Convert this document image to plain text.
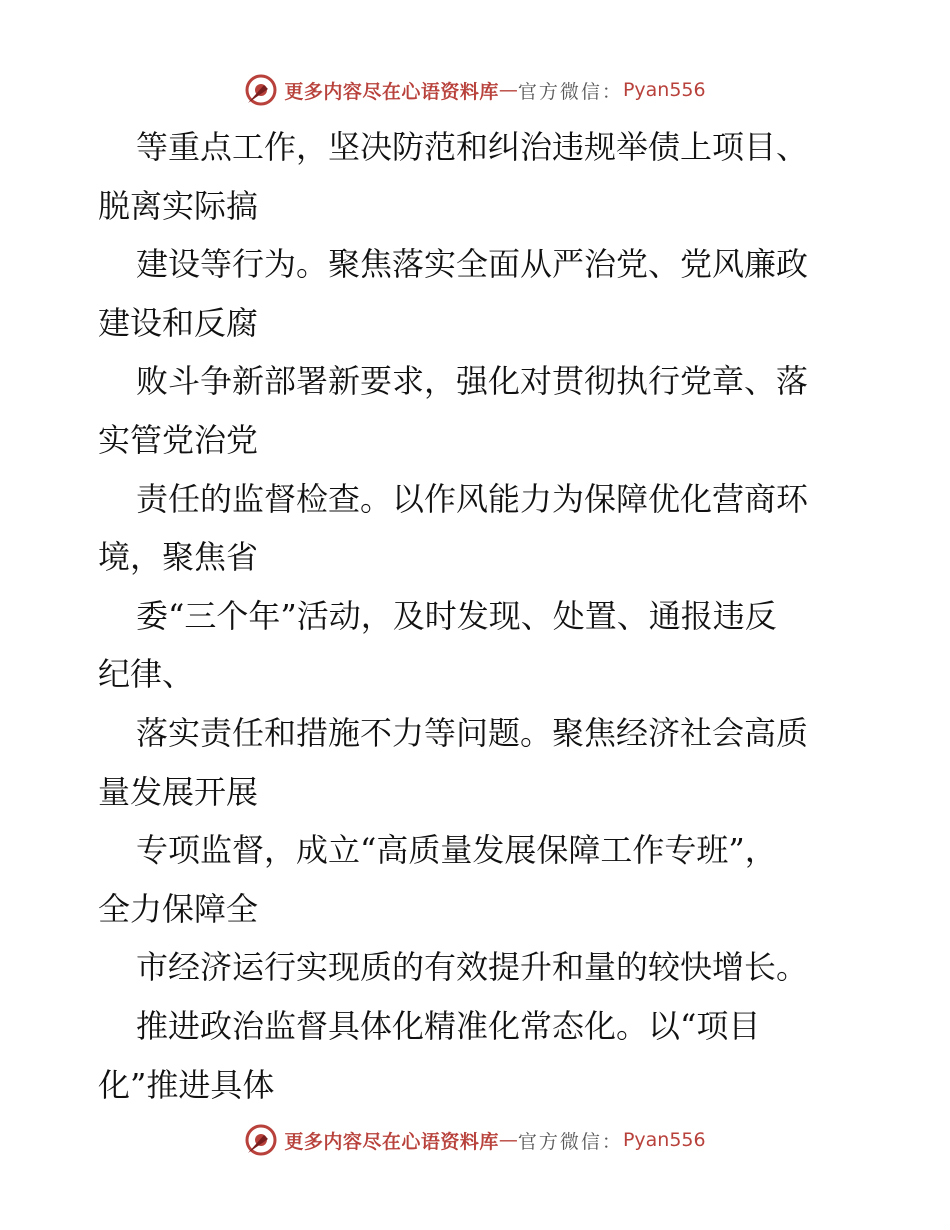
更多内容尽在心语资料库 — 官方微信： Pyan556
等重点工作，坚决防范和纠治违规举债上项目、
脱离实际搞
建设等行为。聚焦落实全面从严治党、党风廉政
建设和反腐
败斗争新部署新要求，强化对贯彻执行党章、落
实管党治党
责任的监督检查。以作风能力为保障优化营商环
境，聚焦省
委“三个年”活动，及时发现、处置、通报违反
纪律、
落实责任和措施不力等问题。聚焦经济社会高质
量发展开展
专项监督，成立“高质量发展保障工作专班”，
全力保障全
市经济运行实现质的有效提升和量的较快增长。
推进政治监督具体化精准化常态化。以“项目
化”推进具体
更多内容尽在心语资料库 — 官方微信： Pyan556
